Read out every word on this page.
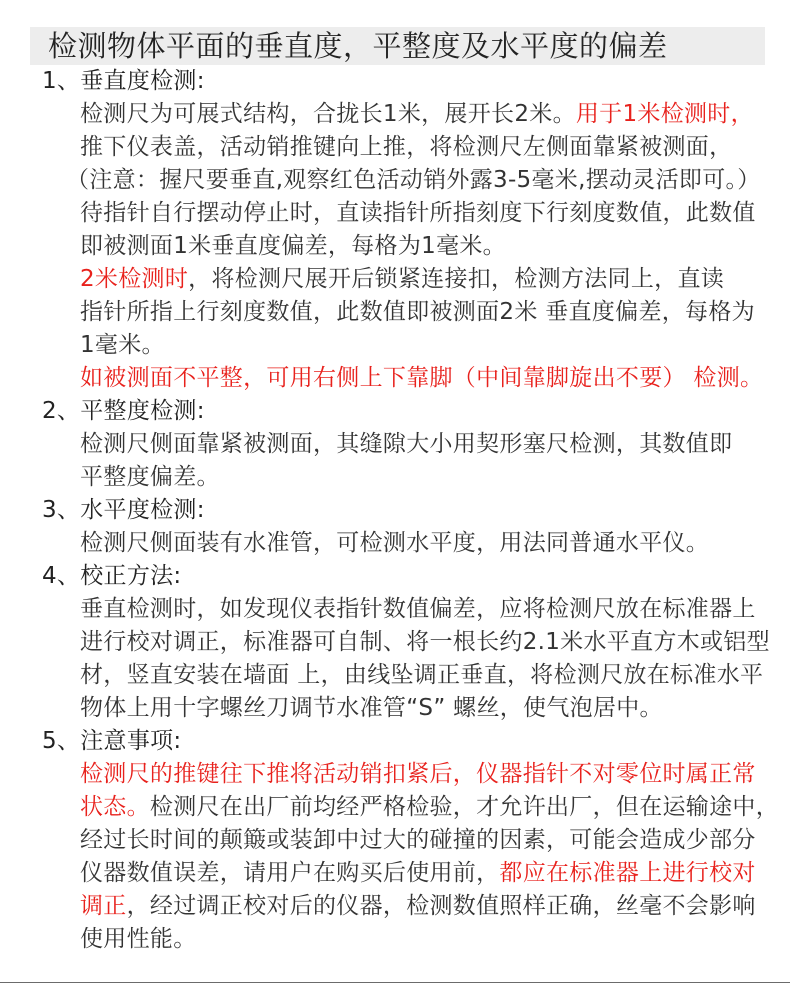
检测物体平面的垂直度，平整度及水平度的偏差
1、垂直度检测:
检测尺为可展式结构，合拢长1米，展开长2米。用于1米检测时，
推下仪表盖，活动销推键向上推，将检测尺左侧面靠紧被测面，
（注意：握尺要垂直,观察红色活动销外露3-5毫米,摆动灵活即可。）
待指针自行摆动停止时，直读指针所指刻度下行刻度数值，此数值
即被测面1米垂直度偏差，每格为1毫米。
2米检测时，将检测尺展开后锁紧连接扣，检测方法同上，直读
指针所指上行刻度数值，此数值即被测面2米 垂直度偏差，每格为
1毫米。
如被测面不平整，可用右侧上下靠脚（中间靠脚旋出不要） 检测。
2、平整度检测:
检测尺侧面靠紧被测面，其缝隙大小用契形塞尺检测，其数值即
平整度偏差。
3、水平度检测:
检测尺侧面装有水准管，可检测水平度，用法同普通水平仪。
4、校正方法:
垂直检测时，如发现仪表指针数值偏差，应将检测尺放在标准器上
进行校对调正，标准器可自制、将一根长约2.1米水平直方木或铝型
材，竖直安装在墙面 上，由线坠调正垂直，将检测尺放在标准水平
物体上用十字螺丝刀调节水准管“S” 螺丝，使气泡居中。
5、注意事项:
检测尺的推键往下推将活动销扣紧后，仪器指针不对零位时属正常
状态。检测尺在出厂前均经严格检验，才允许出厂，但在运输途中，
经过长时间的颠簸或装卸中过大的碰撞的因素，可能会造成少部分
仪器数值误差，请用户在购买后使用前，都应在标准器上进行校对
调正，经过调正校对后的仪器，检测数值照样正确，丝毫不会影响
使用性能。
